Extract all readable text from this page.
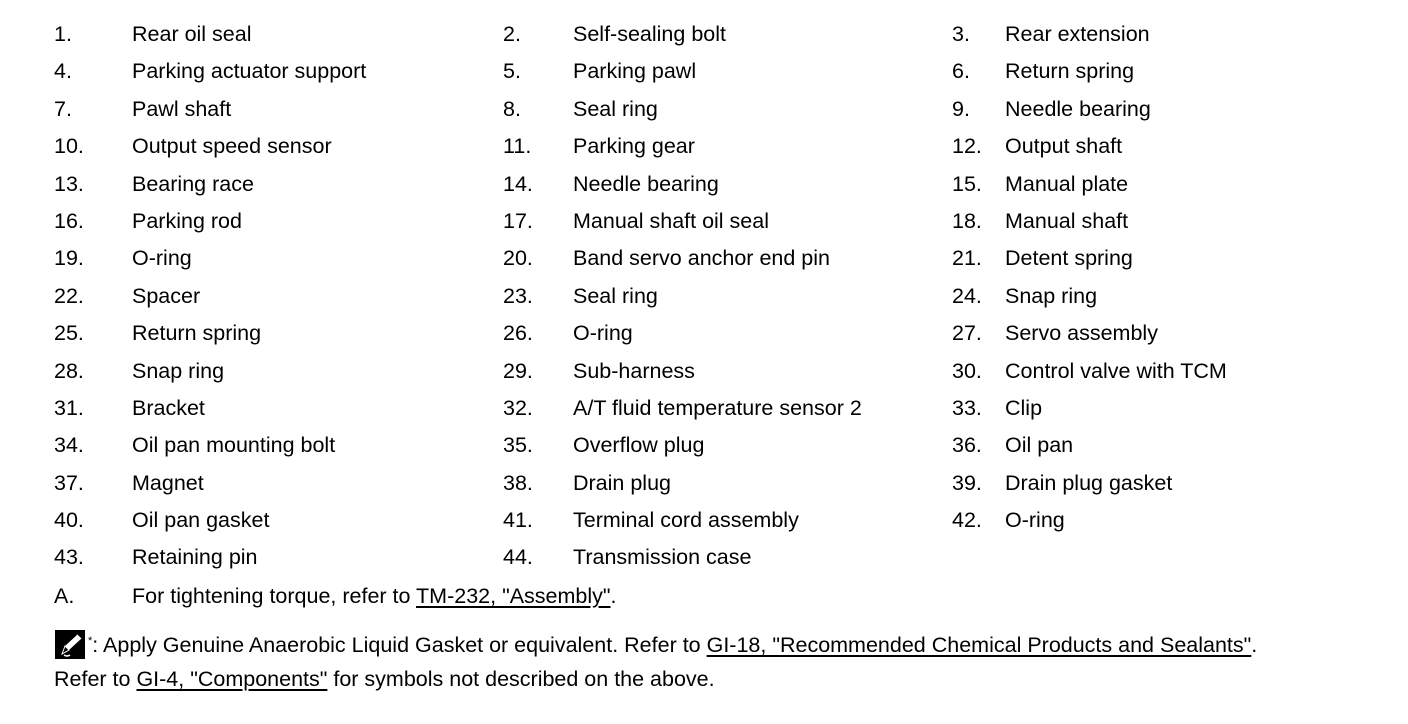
1.	Rear oil seal	2. Self-sealing bolt	3. Rear extension
4.	Parking actuator support	5. Parking pawl	6. Return spring
7.	Pawl shaft	8. Seal ring	9. Needle bearing
10. Output speed sensor	11. Parking gear	12. Output shaft
13. Bearing race	14. Needle bearing	15. Manual plate
16. Parking rod	17. Manual shaft oil seal	18. Manual shaft
19. O-ring	20. Band servo anchor end pin	21. Detent spring
22. Spacer	23. Seal ring	24. Snap ring
25. Return spring	26. O-ring	27. Servo assembly
28. Snap ring	29. Sub-harness	30. Control valve with TCM
31. Bracket	32. A/T fluid temperature sensor 2	33. Clip
34. Oil pan mounting bolt	35. Overflow plug	36. Oil pan
37. Magnet	38. Drain plug	39. Drain plug gasket
40. Oil pan gasket	41. Terminal cord assembly	42. O-ring
43. Retaining pin	44. Transmission case
A.	For tightening torque, refer to TM-232, "Assembly".
*: Apply Genuine Anaerobic Liquid Gasket or equivalent. Refer to GI-18, "Recommended Chemical Products and Sealants".
Refer to GI-4, "Components" for symbols not described on the above.
